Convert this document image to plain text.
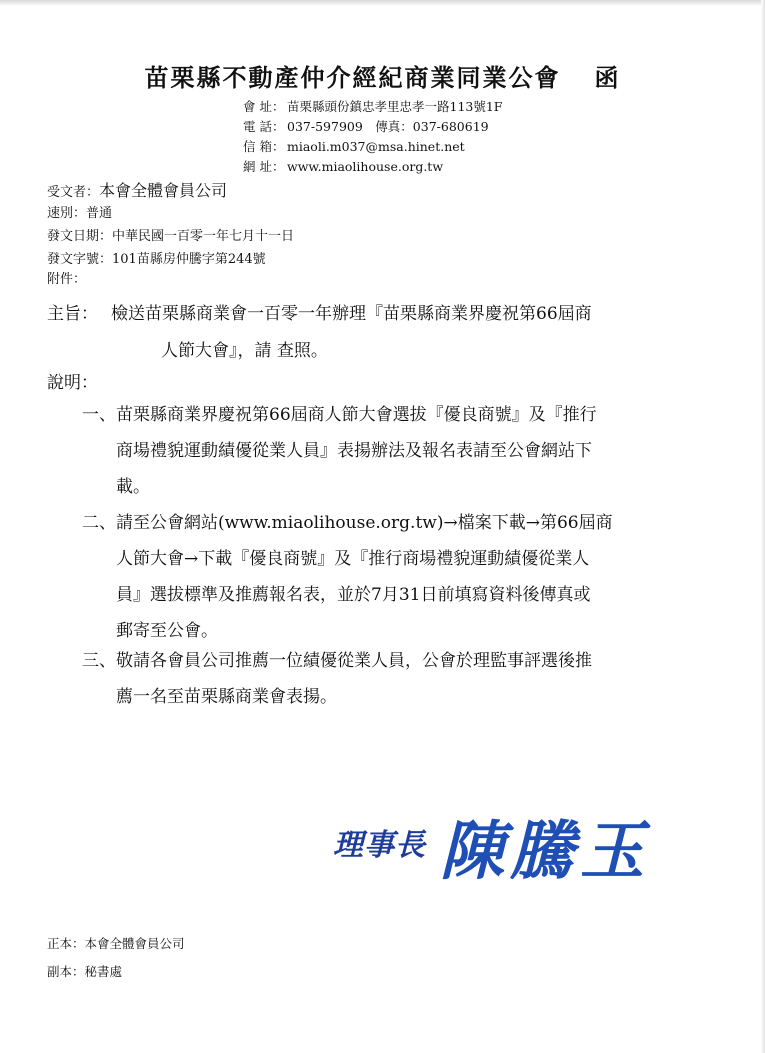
苗栗縣不動產仲介經紀商業同業公會 函
會 址： 苗栗縣頭份鎮忠孝里忠孝一路113號1F
電 話： 037-597909　傳真：037-680619
信 箱： miaoli.m037@msa.hinet.net
網 址： www.miaolihouse.org.tw
受文者：本會全體會員公司
速別：普通
發文日期：中華民國一百零一年七月十一日
發文字號：101苗縣房仲騰字第244號
附件：
主旨： 檢送苗栗縣商業會一百零一年辦理『苗栗縣商業界慶祝第66屆商
人節大會』，請 查照。
說明：
一、 苗栗縣商業界慶祝第66屆商人節大會選拔『優良商號』及『推行
商場禮貌運動績優從業人員』表揚辦法及報名表請至公會網站下
載。
二、 請至公會網站(www.miaolihouse.org.tw)→檔案下載→第66屆商
人節大會→下載『優良商號』及『推行商場禮貌運動績優從業人
員』選拔標準及推薦報名表，並於7月31日前填寫資料後傳真或
郵寄至公會。
三、 敬請各會員公司推薦一位績優從業人員，公會於理監事評選後推
薦一名至苗栗縣商業會表揚。
理事長 陳騰玉
正本：本會全體會員公司
副本：秘書處
